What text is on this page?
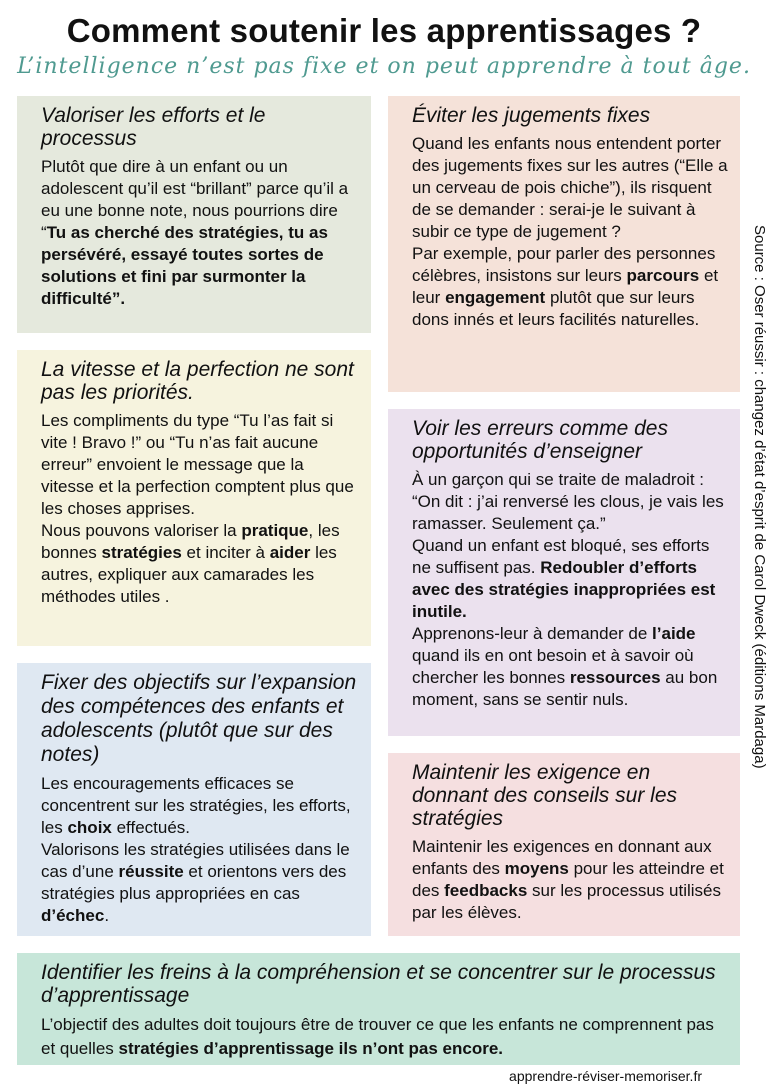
Comment soutenir les apprentissages ?
L’intelligence n’est pas fixe et on peut apprendre à tout âge.
Valoriser les efforts et le processus

Plutôt que dire à un enfant ou un adolescent qu’il est “brillant” parce qu’il a eu une bonne note, nous pourrions dire “Tu as cherché des stratégies, tu as persévéré, essayé toutes sortes de solutions et fini par surmonter la difficulté”.

La vitesse et la perfection ne sont pas les priorités.

Les compliments du type “Tu l’as fait si vite ! Bravo !” ou “Tu n’as fait aucune erreur” envoient le message que la vitesse et la perfection comptent plus que les choses apprises.

Nous pouvons valoriser la pratique, les bonnes stratégies et inciter à aider les autres, expliquer aux camarades les méthodes utiles .

Fixer des objectifs sur l’expansion des compétences des enfants et adolescents (plutôt que sur des notes)

Les encouragements efficaces se concentrent sur les stratégies, les efforts, les choix effectués.

Valorisons les stratégies utilisées dans le cas d’une réussite et orientons vers des stratégies plus appropriées en cas d’échec.

Éviter les jugements fixes

Quand les enfants nous entendent porter des jugements fixes sur les autres (“Elle a un cerveau de pois chiche”), ils risquent de se demander : serai-je le suivant à subir ce type de jugement ?

Par exemple, pour parler des personnes célèbres, insistons sur leurs parcours et leur engagement plutôt que sur leurs dons innés et leurs facilités naturelles.

Voir les erreurs comme des opportunités d’enseigner

À un garçon qui se traite de maladroit : “On dit : j’ai renversé les clous, je vais les ramasser. Seulement ça.”

Quand un enfant est bloqué, ses efforts ne suffisent pas. Redoubler d’efforts avec des stratégies inappropriées est inutile.

Apprenons-leur à demander de l’aide quand ils en ont besoin et à savoir où chercher les bonnes ressources au bon moment, sans se sentir nuls.

Maintenir les exigence en donnant des conseils sur les stratégies

Maintenir les exigences en donnant aux enfants des moyens pour les atteindre et des feedbacks sur les processus utilisés par les élèves.

Identifier les freins à la compréhension et se concentrer sur le processus d’apprentissage

L’objectif des adultes doit toujours être de trouver ce que les enfants ne comprennent pas et quelles stratégies d’apprentissage ils n’ont pas encore.

Source : Oser réussir : changez d’état d’esprit de Carol Dweck (éditions Mardaga)
apprendre-réviser-memoriser.fr
